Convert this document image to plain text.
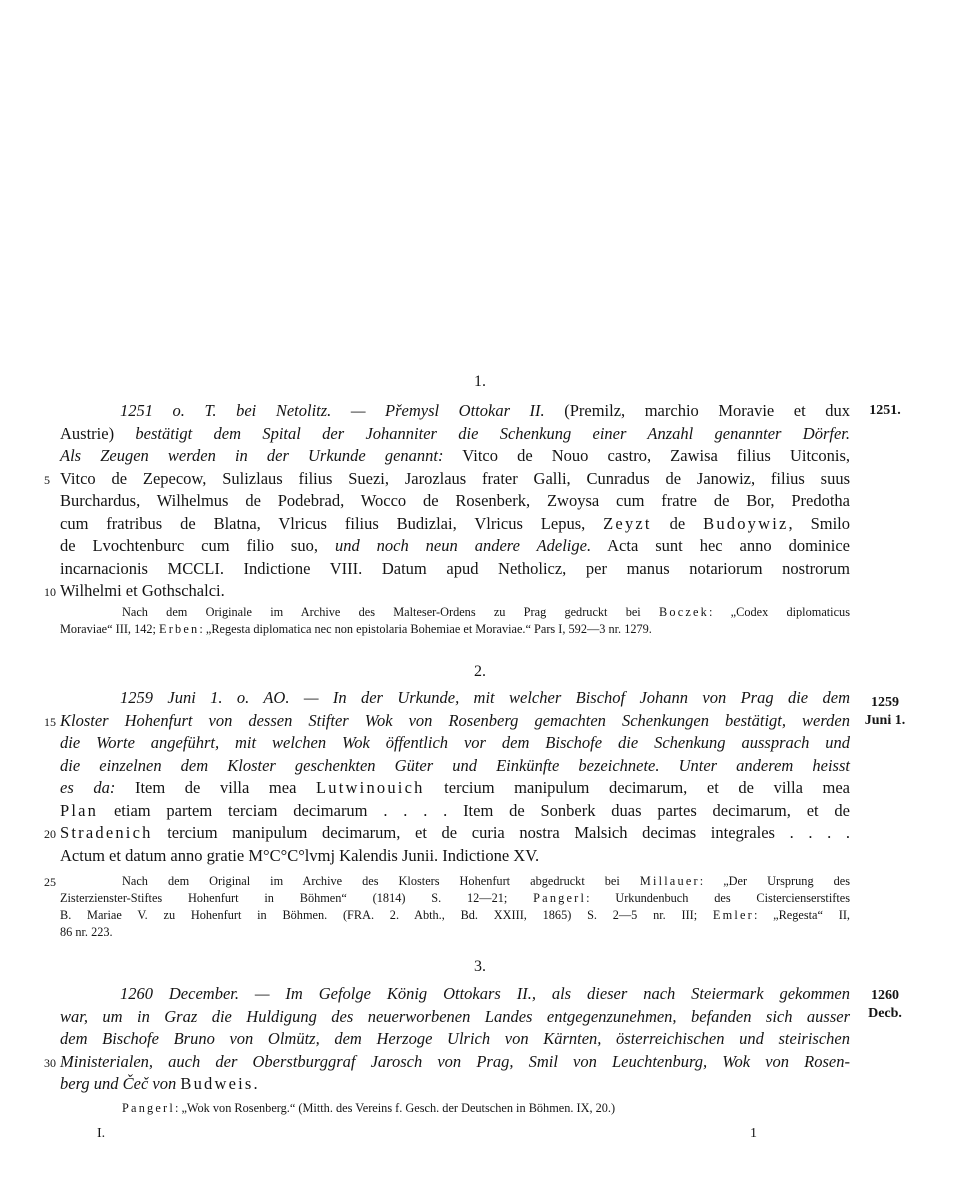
1.
1251.
1251 o. T. bei Netolitz. — Přemysl Ottokar II. (Premilz, marchio Moravie et dux
Austrie) bestätigt dem Spital der Johanniter die Schenkung einer Anzahl genannter Dörfer.
Als Zeugen werden in der Urkunde genannt: Vitco de Nouo castro, Zawisa filius Uitconis,
Vitco de Zepecow, Sulizlaus filius Suezi, Jarozlaus frater Galli, Cunradus de Janowiz, filius suus
5
Burchardus, Wilhelmus de Podebrad, Wocco de Rosenberk, Zwoysa cum fratre de Bor, Predotha
cum fratribus de Blatna, Vlricus filius Budizlai, Vlricus Lepus, Zeyzt de Budoywiz, Smilo
de Lvochtenburc cum filio suo, und noch neun andere Adelige. Acta sunt hec anno dominice
incarnacionis MCCLI. Indictione VIII. Datum apud Netholicz, per manus notariorum nostrorum
Wilhelmi et Gothschalci.
10
Nach dem Originale im Archive des Malteser-Ordens zu Prag gedruckt bei Boczek: „Codex diplomaticus
Moraviae“ III, 142; Erben: „Regesta diplomatica nec non epistolaria Bohemiae et Moraviae.“ Pars I, 592—3 nr. 1279.
2.
1259
Juni 1.
1259 Juni 1. o. AO. — In der Urkunde, mit welcher Bischof Johann von Prag die dem
Kloster Hohenfurt von dessen Stifter Wok von Rosenberg gemachten Schenkungen bestätigt, werden
15
die Worte angeführt, mit welchen Wok öffentlich vor dem Bischofe die Schenkung aussprach und
die einzelnen dem Kloster geschenkten Güter und Einkünfte bezeichnete. Unter anderem heisst
es da: Item de villa mea Lutwinouich tercium manipulum decimarum, et de villa mea
Plan etiam partem terciam decimarum . . . . Item de Sonberk duas partes decimarum, et de
Stradenich tercium manipulum decimarum, et de curia nostra Malsich decimas integrales . . . .
20
Actum et datum anno gratie M°C°C°lvmj Kalendis Junii. Indictione XV.
Nach dem Original im Archive des Klosters Hohenfurt abgedruckt bei Millauer: „Der Ursprung des
Zisterzienster-Stiftes Hohenfurt in Böhmen“ (1814) S. 12—21; Pangerl: Urkundenbuch des Cistercienserstiftes
B. Mariae V. zu Hohenfurt in Böhmen. (FRA. 2. Abth., Bd. XXIII, 1865) S. 2—5 nr. III; Emler: „Regesta“ II,
86 nr. 223.
25
3.
1260
Decb.
1260 December. — Im Gefolge König Ottokars II., als dieser nach Steiermark gekommen
war, um in Graz die Huldigung des neuerworbenen Landes entgegenzunehmen, befanden sich ausser
dem Bischofe Bruno von Olmütz, dem Herzoge Ulrich von Kärnten, österreichischen und steirischen
Ministerialen, auch der Oberstburggraf Jarosch von Prag, Smil von Leuchtenburg, Wok von Rosen-
30
berg und Čeč von Budweis.
Pangerl: „Wok von Rosenberg.“ (Mitth. des Vereins f. Gesch. der Deutschen in Böhmen. IX, 20.)
I.	1
